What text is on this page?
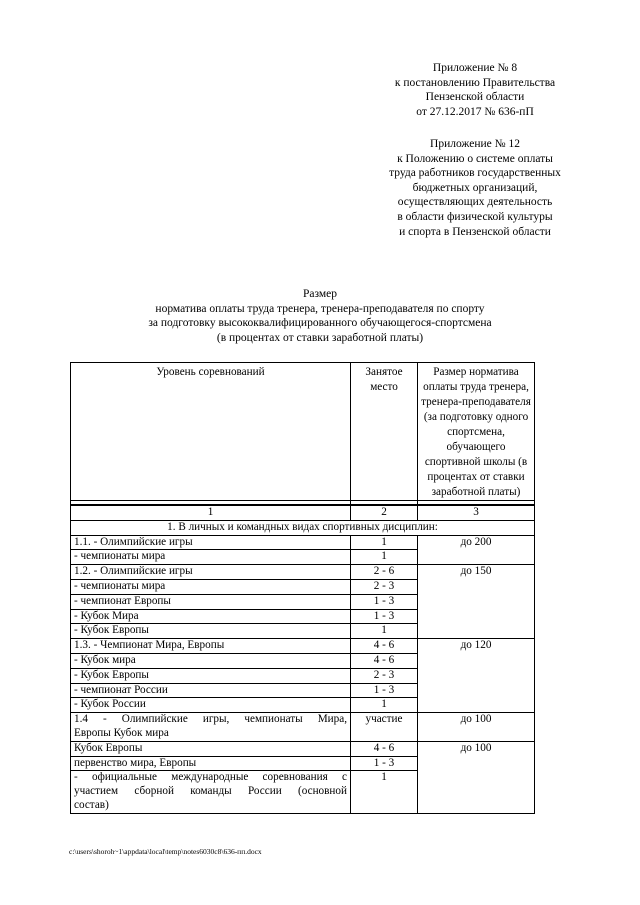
Приложение № 8
к постановлению Правительства
Пензенской области
от 27.12.2017 № 636-пП
Приложение № 12
к Положению о системе оплаты
труда работников государственных
бюджетных организаций,
осуществляющих деятельность
в области физической культуры
и спорта в Пензенской области
Размер
норматива оплаты труда тренера, тренера-преподавателя по спорту
за подготовку высококвалифицированного обучающегося-спортсмена
(в процентах от ставки заработной платы)
Уровень соревнований	Занятое место	Размер норматива оплаты труда тренера, тренера-преподавателя (за подготовку одного спортсмена, обучающего спортивной школы (в процентах от ставки заработной платы)

1	2	3
1. В личных и командных видах спортивных дисциплин:		
1.1. - Олимпийские игры	1	до 200
- чемпионаты мира	1	
1.2. - Олимпийские игры	2 - 6	до 150
- чемпионаты мира	2 - 3	
- чемпионат Европы	1 - 3	
- Кубок Мира	1 - 3	
- Кубок Европы	1	
1.3. - Чемпионат Мира, Европы	4 - 6	до 120
- Кубок мира	4 - 6	
- Кубок Европы	2 - 3	
- чемпионат России	1 - 3	
- Кубок России	1	

1.4 - Олимпийские игры, чемпионаты Мира,
Европы Кубок мира	участие	до 100
Кубок Европы	4 - 6	до 100
первенство мира, Европы	1 - 3	

- официальные международные соревнования с
участием сборной команды России (основной
состав)	1	
c:\users\shoroh~1\appdata\local\temp\notes6030c8\636-пп.docx
